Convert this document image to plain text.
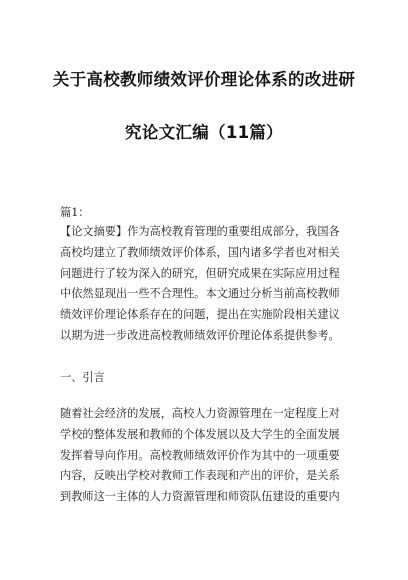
关于高校教师绩效评价理论体系的改进研
究论文汇编（11篇）
篇1：
【论文摘要】作为高校教育管理的重要组成部分，我国各
高校均建立了教师绩效评价体系，国内诸多学者也对相关
问题进行了较为深入的研究，但研究成果在实际应用过程
中依然显现出一些不合理性。本文通过分析当前高校教师
绩效评价理论体系存在的问题，提出在实施阶段相关建议
以期为进一步改进高校教师绩效评价理论体系提供参考。
一、引言
随着社会经济的发展，高校人力资源管理在一定程度上对
学校的整体发展和教师的个体发展以及大学生的全面发展
发挥着导向作用。高校教师绩效评价作为其中的一项重要
内容，反映出学校对教师工作表现和产出的评价，是关系
到教师这一主体的人力资源管理和师资队伍建设的重要内
